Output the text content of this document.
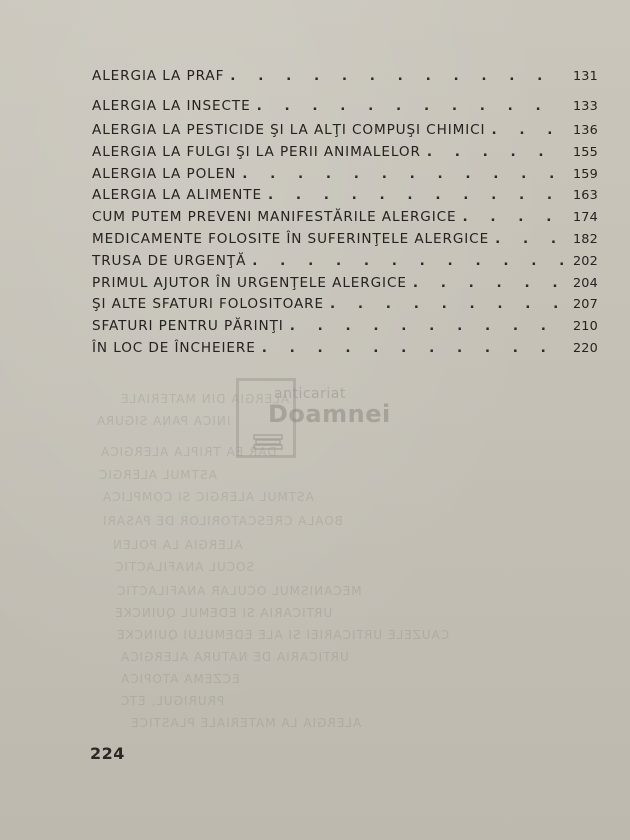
ALERGIA DIN MATERIALE
INICA PANA SIGURA
DAR EA TRIPLA ALERGICA
ASTMUL ALERGIC
ASTMUL ALERGIC SI COMPLICA
BOALA CRESCATORILOR DE PASARI
ALERGIA LA POLEN
SOCUL ANAFILACTIC
MECANISMUL OCULAR ANAFILACTIC
URTICARIA SI EDEMUL QUINCKE
CAUZELE URTICARIEI SI ALE EDEMULUI QUINCKE
URTICARIA DE NATURA ALERGICA
ECZEMA ATOPICA
PRURIGUL, ETC
ALERGIA LA MATERIALE PLASTICE
ALERGIA LA PRAF . . .	131
ALERGIA LA INSECTE . . .	133
ALERGIA LA PESTICIDE ŞI LA ALŢI COMPUŞI CHIMICI . . .	136
ALERGIA LA FULGI ŞI LA PERII ANIMALELOR . . .	155
ALERGIA LA POLEN . . .	159
ALERGIA LA ALIMENTE . . .	163
CUM PUTEM PREVENI MANIFESTĂRILE ALERGICE . . .	174
MEDICAMENTE FOLOSITE ÎN SUFERINŢELE ALERGICE . . .	182
TRUSA DE URGENŢĂ . . .	202
PRIMUL AJUTOR ÎN URGENŢELE ALERGICE . . .	204
ŞI ALTE SFATURI FOLOSITOARE . . .	207
SFATURI PENTRU PĂRINŢI . . .	210
ÎN LOC DE ÎNCHEIERE . . .	220
anticariat
Doamnei
224
